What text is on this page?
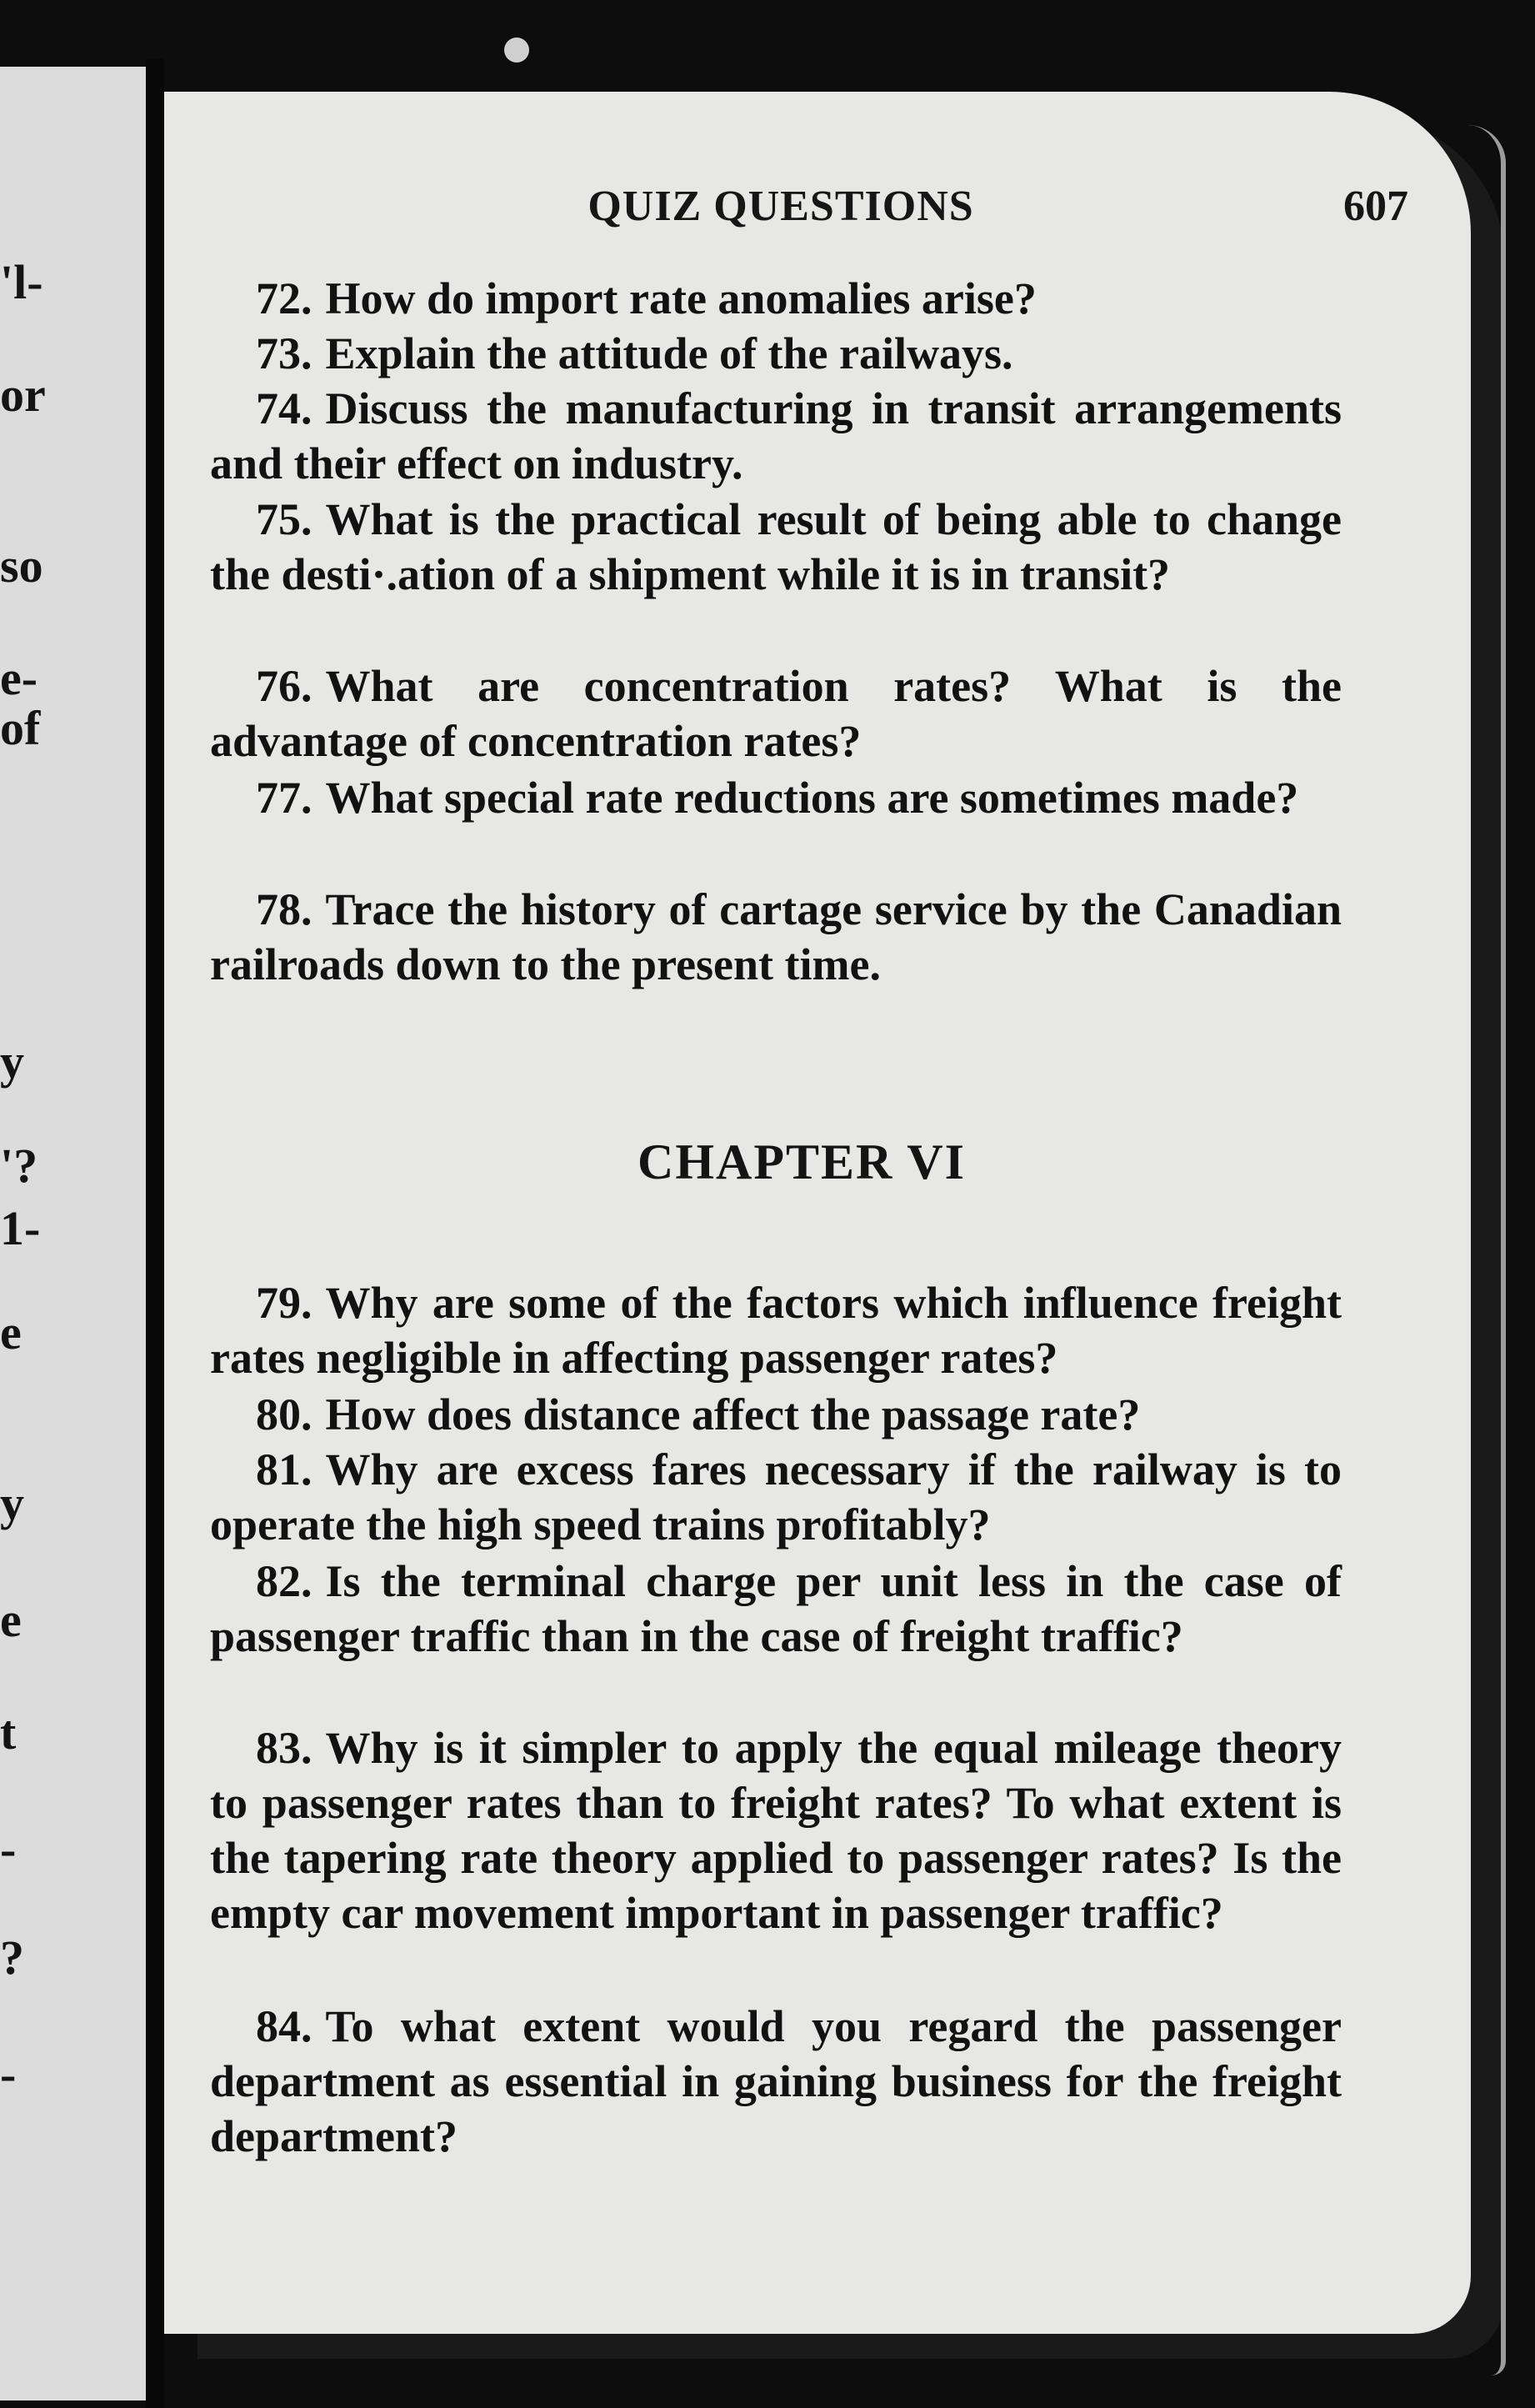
'l-
or
so
e-
of
y
'?
1-
e
y
e
t
-
?
-
QUIZ QUESTIONS	607
72. How do import rate anomalies arise?
73. Explain the attitude of the railways.
74. Discuss the manufacturing in transit arrangements and their effect on industry.
75. What is the practical result of being able to change the desti·.ation of a shipment while it is in transit?
76. What are concentration rates? What is the advantage of concentration rates?
77. What special rate reductions are sometimes made?
78. Trace the history of cartage service by the Canadian railroads down to the present time.
CHAPTER VI
79. Why are some of the factors which influence freight rates negligible in affecting passenger rates?
80. How does distance affect the passage rate?
81. Why are excess fares necessary if the railway is to operate the high speed trains profitably?
82. Is the terminal charge per unit less in the case of passenger traffic than in the case of freight traffic?
83. Why is it simpler to apply the equal mileage theory to passenger rates than to freight rates? To what extent is the tapering rate theory applied to passenger rates? Is the empty car movement important in passenger traffic?
84. To what extent would you regard the passenger department as essential in gaining business for the freight department?
